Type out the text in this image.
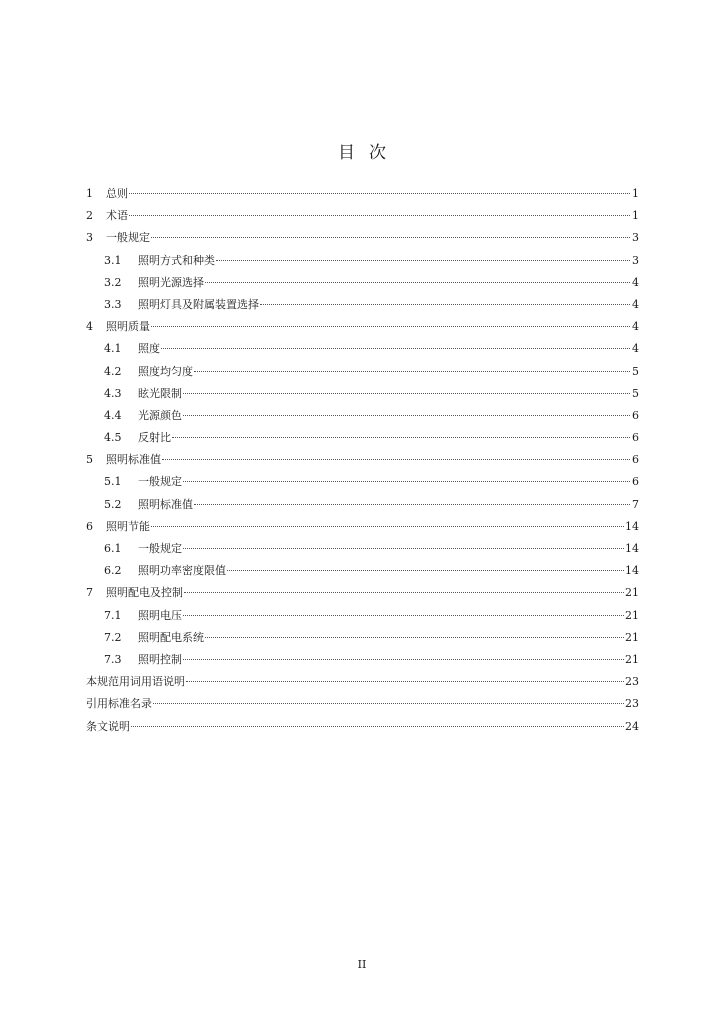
目次
1	总则	1
2	术语	1
3	一般规定	3
3.1	照明方式和种类	3
3.2	照明光源选择	4
3.3	照明灯具及附属装置选择	4
4	照明质量	4
4.1	照度	4
4.2	照度均匀度	5
4.3	眩光限制	5
4.4	光源颜色	6
4.5	反射比	6
5	照明标准值	6
5.1	一般规定	6
5.2	照明标准值	7
6	照明节能	14
6.1	一般规定	14
6.2	照明功率密度限值	14
7	照明配电及控制	21
7.1	照明电压	21
7.2	照明配电系统	21
7.3	照明控制	21
本规范用词用语说明	23
引用标准名录	23
条文说明	24
II
